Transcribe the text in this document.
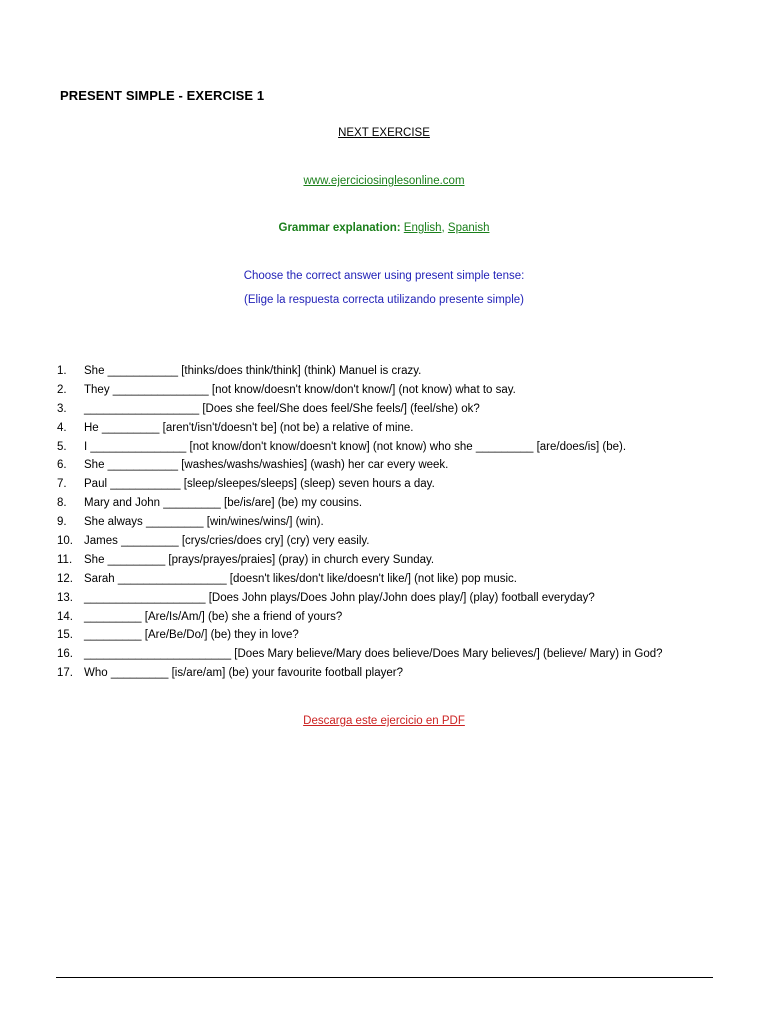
PRESENT SIMPLE - EXERCISE 1
NEXT EXERCISE
www.ejerciciosinglesonline.com
Grammar explanation: English, Spanish
Choose the correct answer using present simple tense:
(Elige la respuesta correcta utilizando presente simple)
1. She ___________ [thinks/does think/think] (think) Manuel is crazy.
2. They _______________ [not know/doesn't know/don't know/] (not know) what to say.
3. __________________ [Does she feel/She does feel/She feels/] (feel/she) ok?
4. He _________ [aren't/isn't/doesn't be] (not be) a relative of mine.
5. I _______________ [not know/don't know/doesn't know] (not know) who she _________ [are/does/is] (be).
6. She ___________ [washes/washs/washies] (wash) her car every week.
7. Paul ___________ [sleep/sleepes/sleeps] (sleep) seven hours a day.
8. Mary and John _________ [be/is/are] (be) my cousins.
9. She always _________ [win/wines/wins/] (win).
10. James _________ [crys/cries/does cry] (cry) very easily.
11. She _________ [prays/prayes/praies] (pray) in church every Sunday.
12. Sarah _________________ [doesn't likes/don't like/doesn't like/] (not like) pop music.
13. ___________________ [Does John plays/Does John play/John does play/] (play) football everyday?
14. _________ [Are/Is/Am/] (be) she a friend of yours?
15. _________ [Are/Be/Do/] (be) they in love?
16. _______________________ [Does Mary believe/Mary does believe/Does Mary believes/] (believe/ Mary) in God?
17. Who _________ [is/are/am] (be) your favourite football player?
Descarga este ejercicio en PDF
